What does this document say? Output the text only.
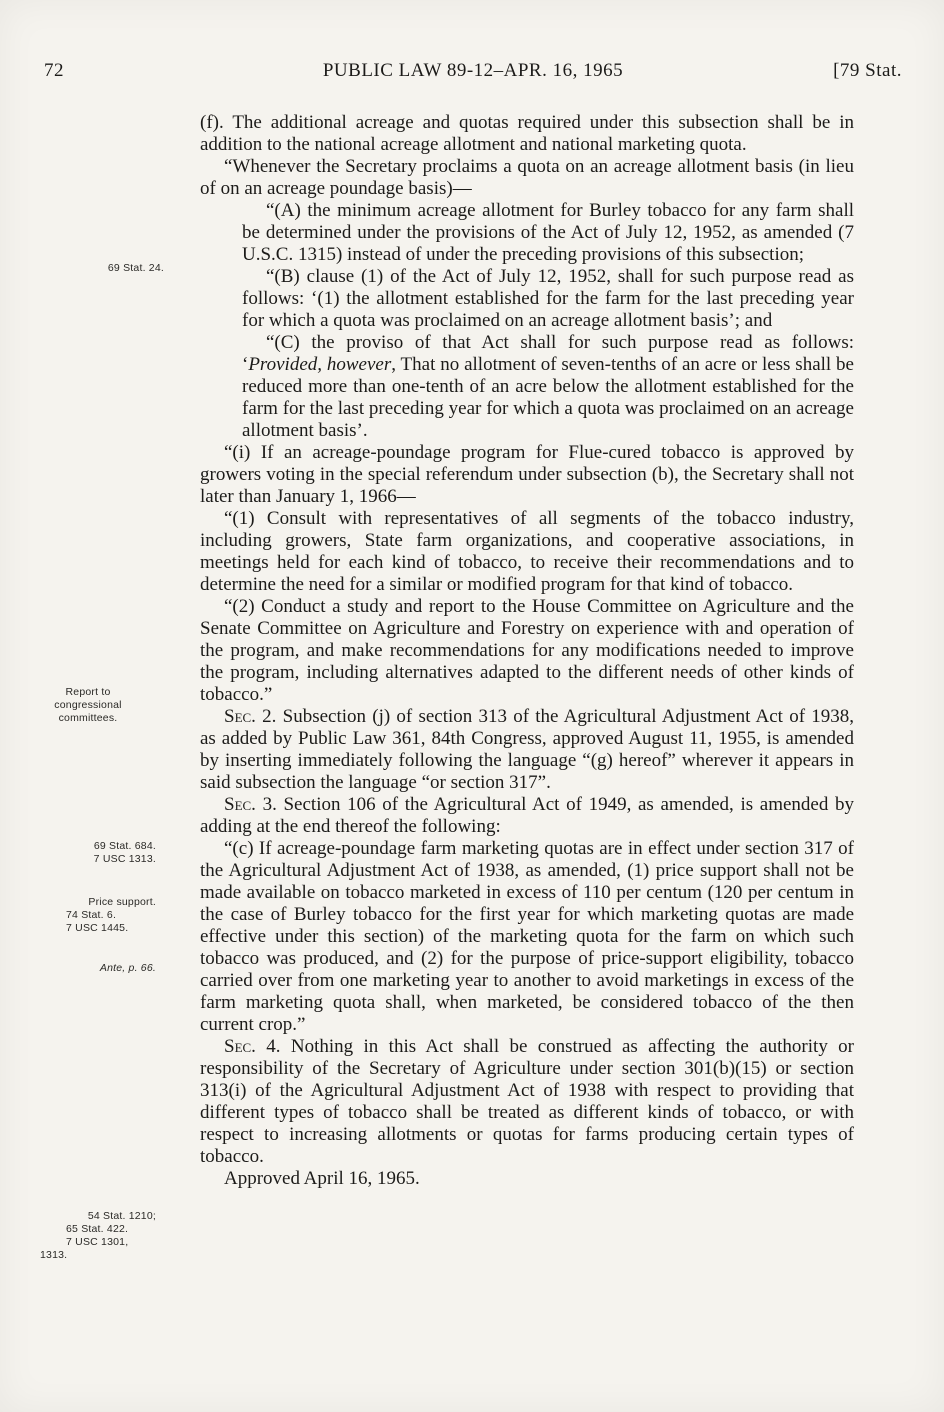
72	PUBLIC LAW 89-12–APR. 16, 1965	[79 Stat.
69 Stat. 24.
Report to
congressional
committees.
69 Stat. 684.
7 USC 1313.
Price support.
74 Stat. 6.
7 USC 1445.
Ante, p. 66.
54 Stat. 1210;
65 Stat. 422.
7 USC 1301,
1313.

(f). The additional acreage and quotas required under this subsection shall be in addition to the national acreage allotment and national marketing quota.

“Whenever the Secretary proclaims a quota on an acreage allotment basis (in lieu of on an acreage poundage basis)—

“(A) the minimum acreage allotment for Burley tobacco for any farm shall be determined under the provisions of the Act of July 12, 1952, as amended (7 U.S.C. 1315) instead of under the preceding provisions of this subsection;

“(B) clause (1) of the Act of July 12, 1952, shall for such purpose read as follows: ‘(1) the allotment established for the farm for the last preceding year for which a quota was proclaimed on an acreage allotment basis’; and

“(C) the proviso of that Act shall for such purpose read as follows: ‘Provided, however, That no allotment of seven-tenths of an acre or less shall be reduced more than one-tenth of an acre below the allotment established for the farm for the last preceding year for which a quota was proclaimed on an acreage allotment basis’.

“(i) If an acreage-poundage program for Flue-cured tobacco is approved by growers voting in the special referendum under subsection (b), the Secretary shall not later than January 1, 1966—

“(1) Consult with representatives of all segments of the tobacco industry, including growers, State farm organizations, and cooperative associations, in meetings held for each kind of tobacco, to receive their recommendations and to determine the need for a similar or modified program for that kind of tobacco.

“(2) Conduct a study and report to the House Committee on Agriculture and the Senate Committee on Agriculture and Forestry on experience with and operation of the program, and make recommendations for any modifications needed to improve the program, including alternatives adapted to the different needs of other kinds of tobacco.”

Sec. 2. Subsection (j) of section 313 of the Agricultural Adjustment Act of 1938, as added by Public Law 361, 84th Congress, approved August 11, 1955, is amended by inserting immediately following the language “(g) hereof” wherever it appears in said subsection the language “or section 317”.

Sec. 3. Section 106 of the Agricultural Act of 1949, as amended, is amended by adding at the end thereof the following:

“(c) If acreage-poundage farm marketing quotas are in effect under section 317 of the Agricultural Adjustment Act of 1938, as amended, (1) price support shall not be made available on tobacco marketed in excess of 110 per centum (120 per centum in the case of Burley tobacco for the first year for which marketing quotas are made effective under this section) of the marketing quota for the farm on which such tobacco was produced, and (2) for the purpose of price-support eligibility, tobacco carried over from one marketing year to another to avoid marketings in excess of the farm marketing quota shall, when marketed, be considered tobacco of the then current crop.”

Sec. 4. Nothing in this Act shall be construed as affecting the authority or responsibility of the Secretary of Agriculture under section 301(b)(15) or section 313(i) of the Agricultural Adjustment Act of 1938 with respect to providing that different types of tobacco shall be treated as different kinds of tobacco, or with respect to increasing allotments or quotas for farms producing certain types of tobacco.

Approved April 16, 1965.
